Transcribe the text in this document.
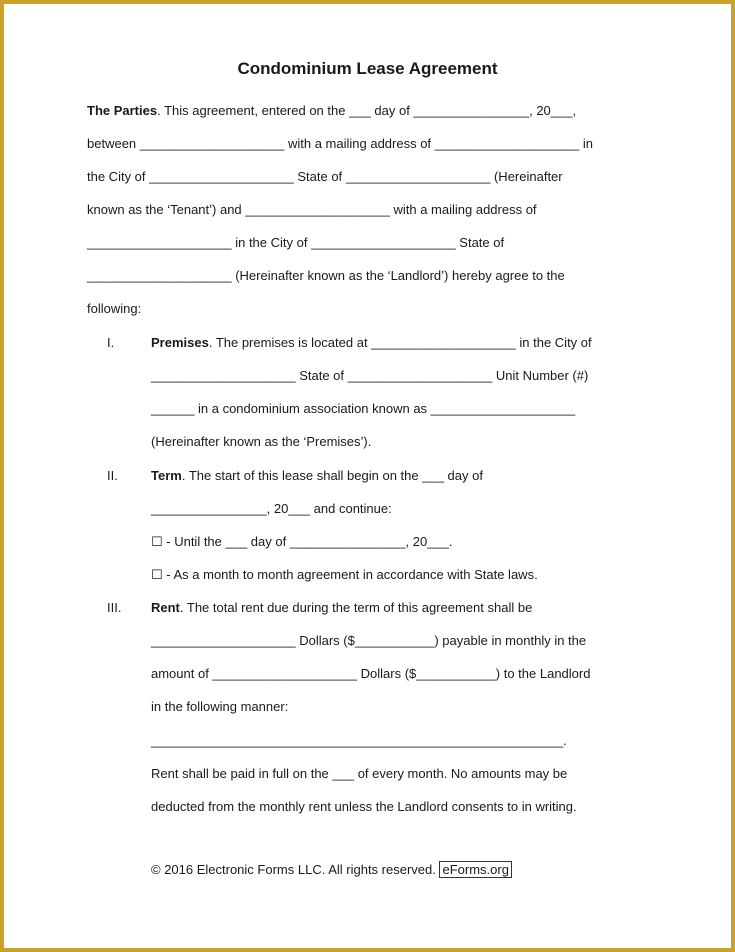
Condominium Lease Agreement
The Parties. This agreement, entered on the ___ day of ________________, 20___,
between ____________________ with a mailing address of ____________________ in
the City of ____________________ State of ____________________ (Hereinafter
known as the ‘Tenant’) and ____________________ with a mailing address of
____________________ in the City of ____________________ State of
____________________ (Hereinafter known as the ‘Landlord’) hereby agree to the
following:
I.	Premises. The premises is located at ____________________ in the City of
____________________ State of ____________________ Unit Number (#)
______ in a condominium association known as ____________________
(Hereinafter known as the ‘Premises’).
II.	Term. The start of this lease shall begin on the ___ day of
________________, 20___ and continue:
☐ - Until the ___ day of ________________, 20___.
☐ - As a month to month agreement in accordance with State laws.
III. Rent. The total rent due during the term of this agreement shall be
____________________ Dollars ($___________) payable in monthly in the
amount of ____________________ Dollars ($___________) to the Landlord
in the following manner:
_________________________________________________________.
Rent shall be paid in full on the ___ of every month. No amounts may be
deducted from the monthly rent unless the Landlord consents to in writing.
© 2016 Electronic Forms LLC. All rights reserved. eForms.org
